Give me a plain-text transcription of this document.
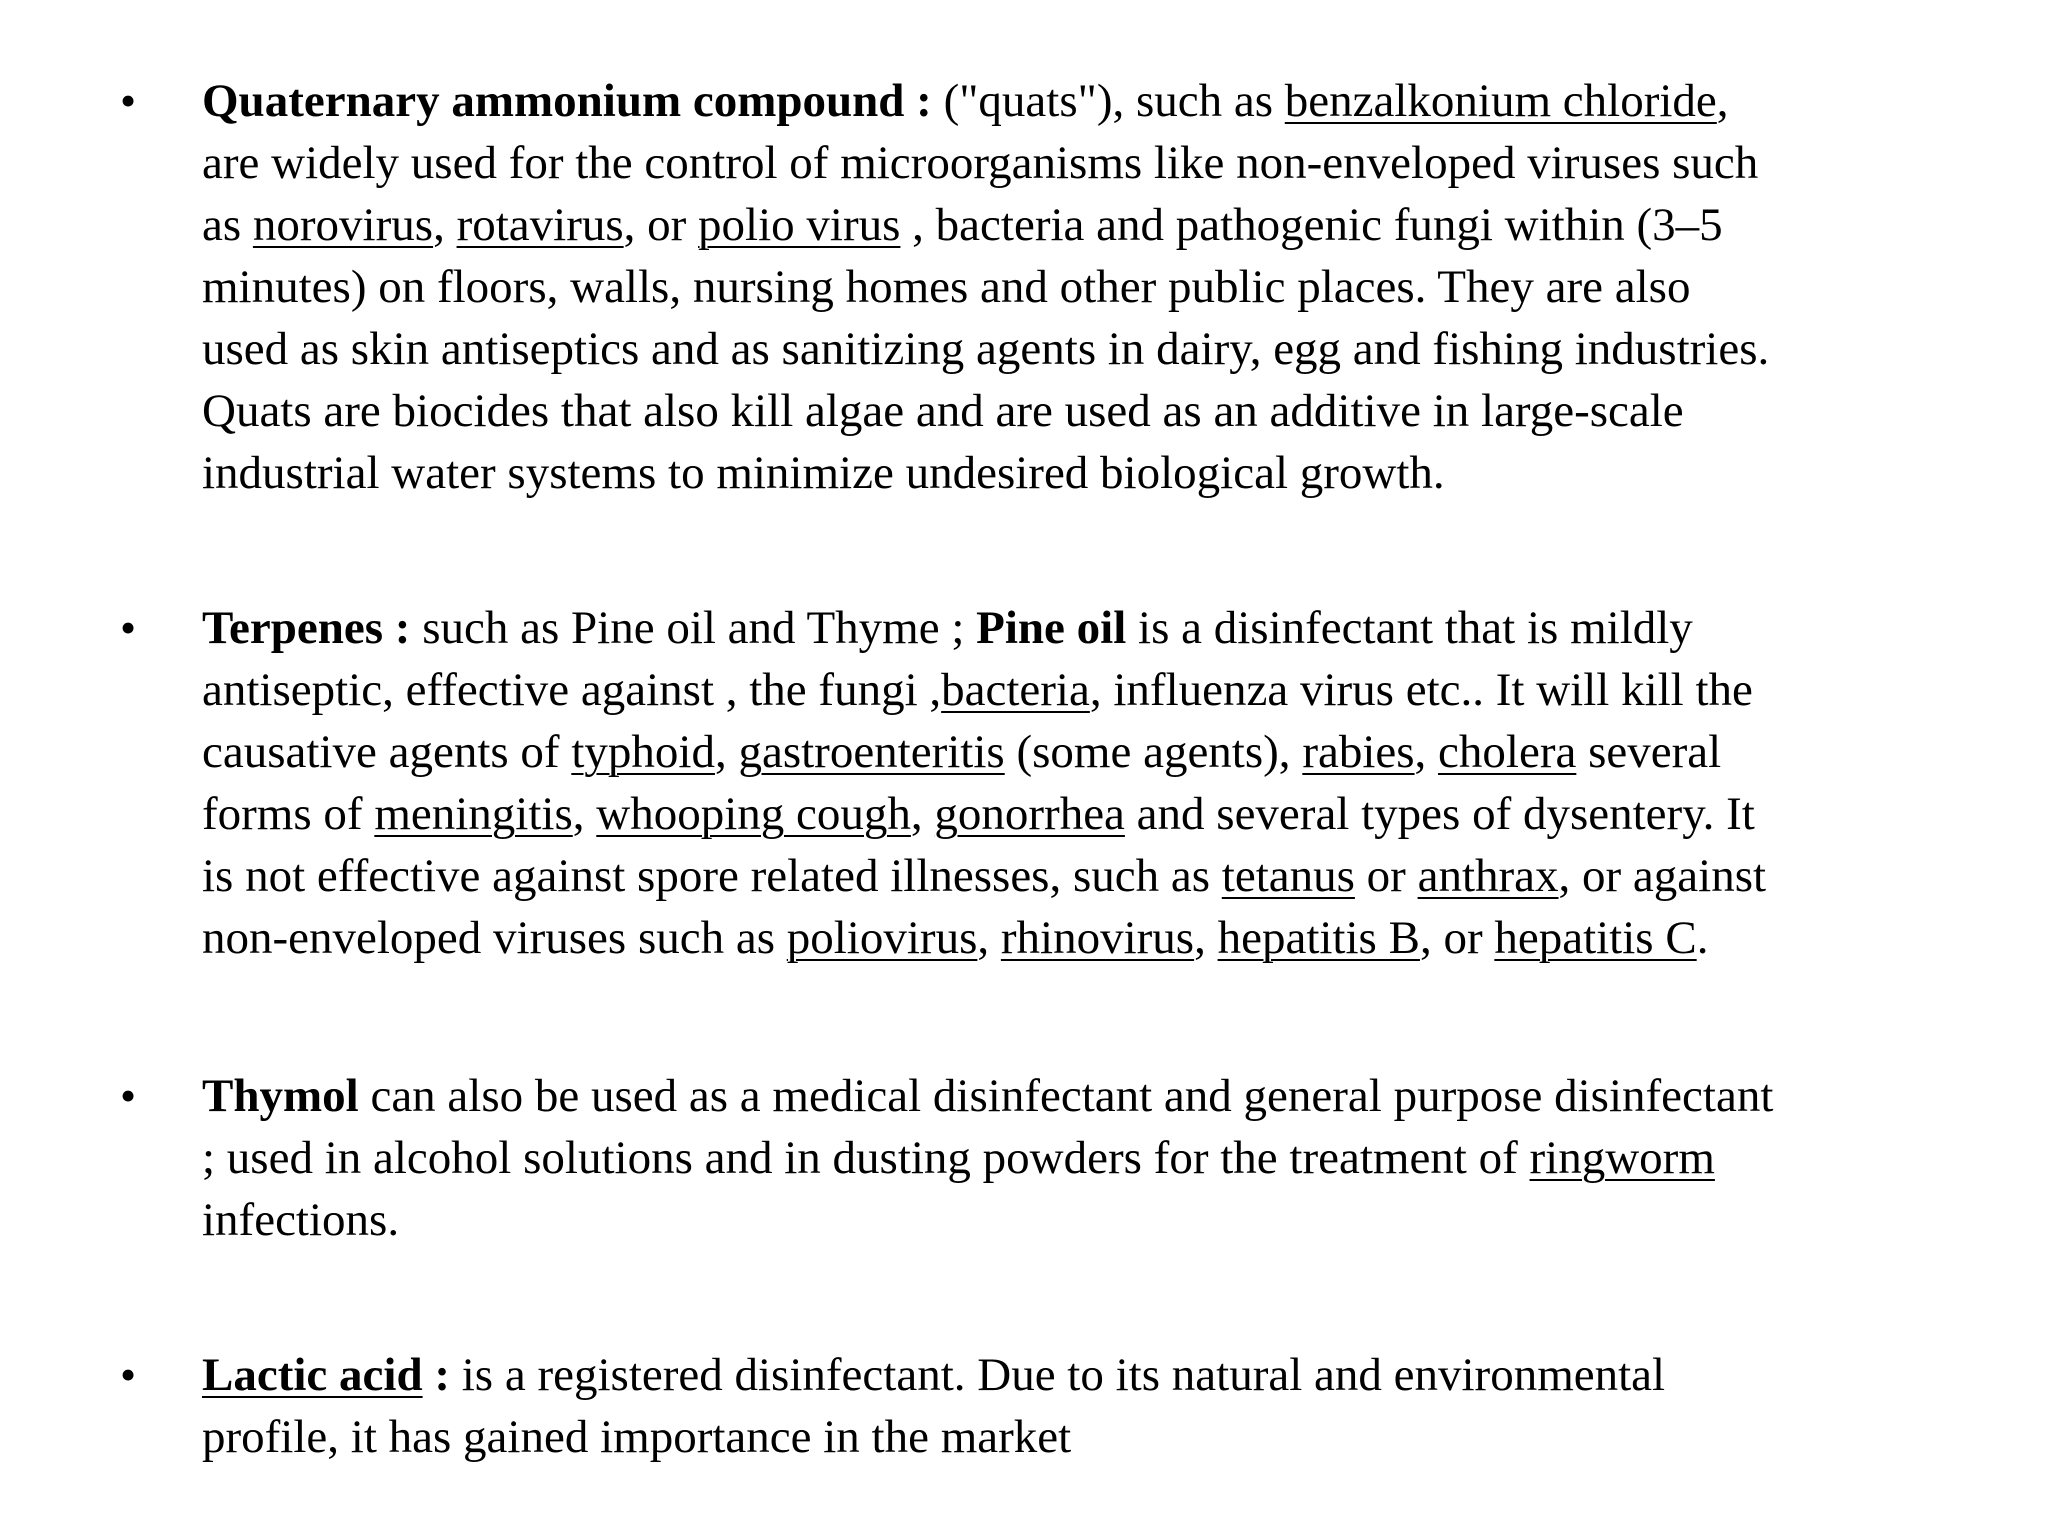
• Quaternary ammonium compound : ("quats"), such as benzalkonium chloride,
are widely used for the control of microorganisms like non-enveloped viruses such
as norovirus, rotavirus, or polio virus , bacteria and pathogenic fungi within (3–5
minutes) on floors, walls, nursing homes and other public places. They are also
used as skin antiseptics and as sanitizing agents in dairy, egg and fishing industries.
Quats are biocides that also kill algae and are used as an additive in large-scale
industrial water systems to minimize undesired biological growth.
• Terpenes : such as Pine oil and Thyme ; Pine oil is a disinfectant that is mildly
antiseptic, effective against , the fungi ,bacteria, influenza virus etc.. It will kill the
causative agents of typhoid, gastroenteritis (some agents), rabies, cholera several
forms of meningitis, whooping cough, gonorrhea and several types of dysentery. It
is not effective against spore related illnesses, such as tetanus or anthrax, or against
non-enveloped viruses such as poliovirus, rhinovirus, hepatitis B, or hepatitis C.
• Thymol can also be used as a medical disinfectant and general purpose disinfectant
; used in alcohol solutions and in dusting powders for the treatment of ringworm
infections.
• Lactic acid : is a registered disinfectant. Due to its natural and environmental
profile, it has gained importance in the market
